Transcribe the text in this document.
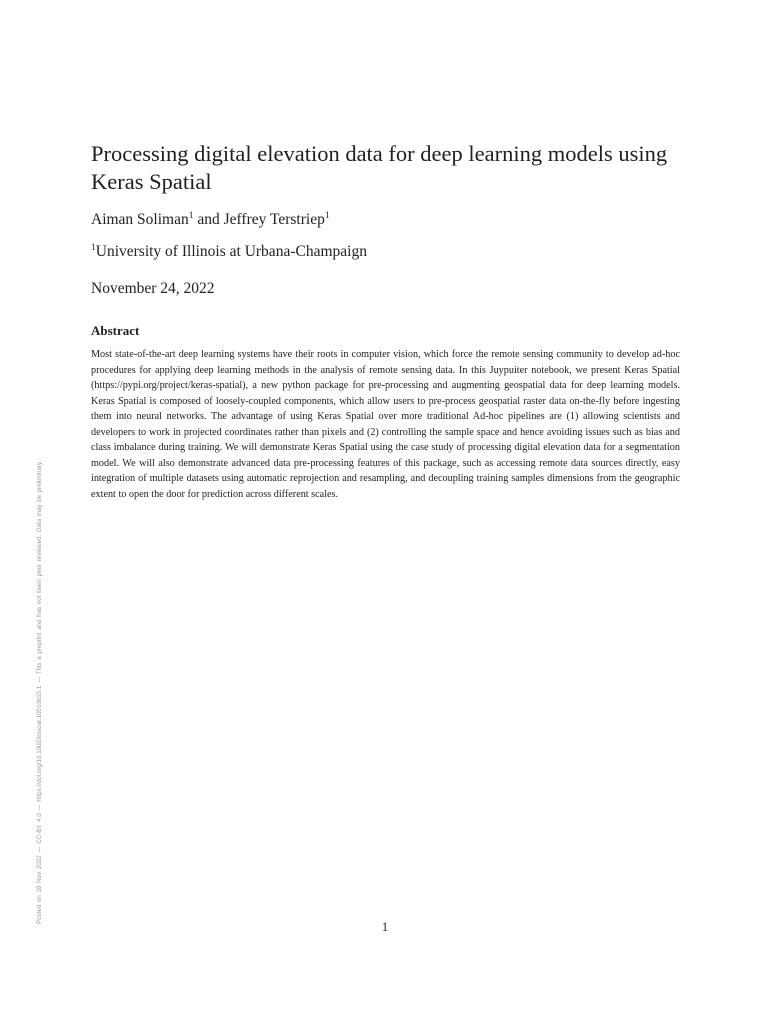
Processing digital elevation data for deep learning models using Keras Spatial
Aiman Soliman$^1$ and Jeffrey Terstriep$^1$
$^1$University of Illinois at Urbana-Champaign
November 24, 2022
Abstract

Most state-of-the-art deep learning systems have their roots in computer vision, which force the remote sensing community to develop ad-hoc procedures for applying deep learning methods in the analysis of remote sensing data. In this Juypuiter notebook, we present Keras Spatial (https://pypi.org/project/keras-spatial), a new python package for pre-processing and augmenting geospatial data for deep learning models. Keras Spatial is composed of loosely-coupled components, which allow users to pre-process geospatial raster data on-the-fly before ingesting them into neural networks. The advantage of using Keras Spatial over more traditional Ad-hoc pipelines are (1) allowing scientists and developers to work in projected coordinates rather than pixels and (2) controlling the sample space and hence avoiding issues such as bias and class imbalance during training. We will demonstrate Keras Spatial using the case study of processing digital elevation data for a segmentation model. We will also demonstrate advanced data pre-processing features of this package, such as accessing remote data sources directly, easy integration of multiple datasets using automatic reprojection and resampling, and decoupling training samples dimensions from the geographic extent to open the door for prediction across different scales.

Posted on 28 Nov 2022 — CC-BY 4.0 — https://doi.org/10.1002/essoar.10510615.1 — This a preprint and has not been peer reviewed. Data may be preliminary.
1
